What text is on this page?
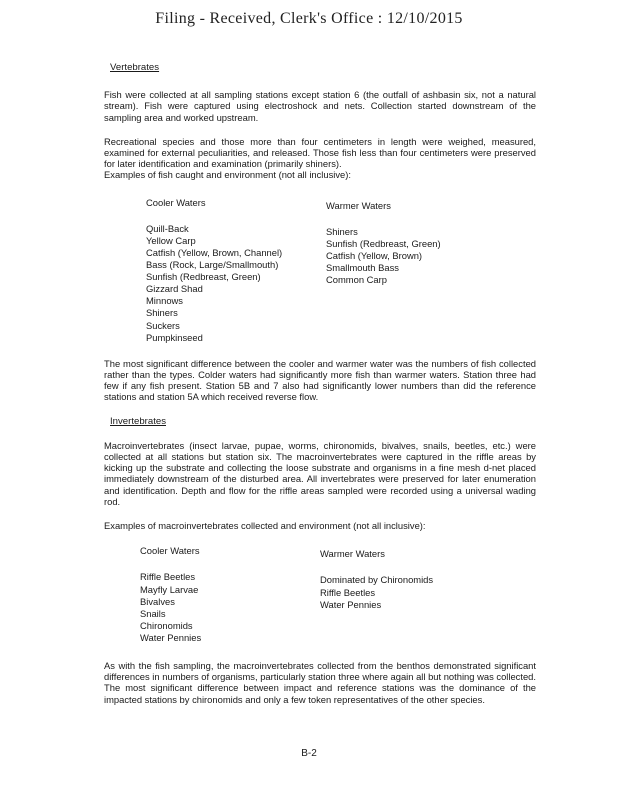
Filing - Received, Clerk's Office : 12/10/2015
Vertebrates

Fish were collected at all sampling stations except station 6 (the outfall of ashbasin six, not a natural stream). Fish were captured using electroshock and nets. Collection started downstream of the sampling area and worked upstream.

Recreational species and those more than four centimeters in length were weighed, measured, examined for external peculiarities, and released. Those fish less than four centimeters were preserved for later identification and examination (primarily shiners).

Examples of fish caught and environment (not all inclusive):

Cooler Waters
Quill-Back
Yellow Carp
Catfish (Yellow, Brown, Channel)
Bass (Rock, Large/Smallmouth)
Sunfish (Redbreast, Green)
Gizzard Shad
Minnows
Shiners
Suckers
Pumpkinseed
Warmer Waters
Shiners
Sunfish (Redbreast, Green)
Catfish (Yellow, Brown)
Smallmouth Bass
Common Carp

The most significant difference between the cooler and warmer water was the numbers of fish collected rather than the types. Colder waters had significantly more fish than warmer waters. Station three had few if any fish present. Station 5B and 7 also had significantly lower numbers than did the reference stations and station 5A which received reverse flow.

Invertebrates

Macroinvertebrates (insect larvae, pupae, worms, chironomids, bivalves, snails, beetles, etc.) were collected at all stations but station six. The macroinvertebrates were captured in the riffle areas by kicking up the substrate and collecting the loose substrate and organisms in a fine mesh d-net placed immediately downstream of the disturbed area. All invertebrates were preserved for later enumeration and identification. Depth and flow for the riffle areas sampled were recorded using a universal wading rod.

Examples of macroinvertebrates collected and environment (not all inclusive):

Cooler Waters
Riffle Beetles
Mayfly Larvae
Bivalves
Snails
Chironomids
Water Pennies
Warmer Waters
Dominated by Chironomids
Riffle Beetles
Water Pennies

As with the fish sampling, the macroinvertebrates collected from the benthos demonstrated significant differences in numbers of organisms, particularly station three where again all but nothing was collected. The most significant difference between impact and reference stations was the dominance of the impacted stations by chironomids and only a few token representatives of the other species.

B-2
